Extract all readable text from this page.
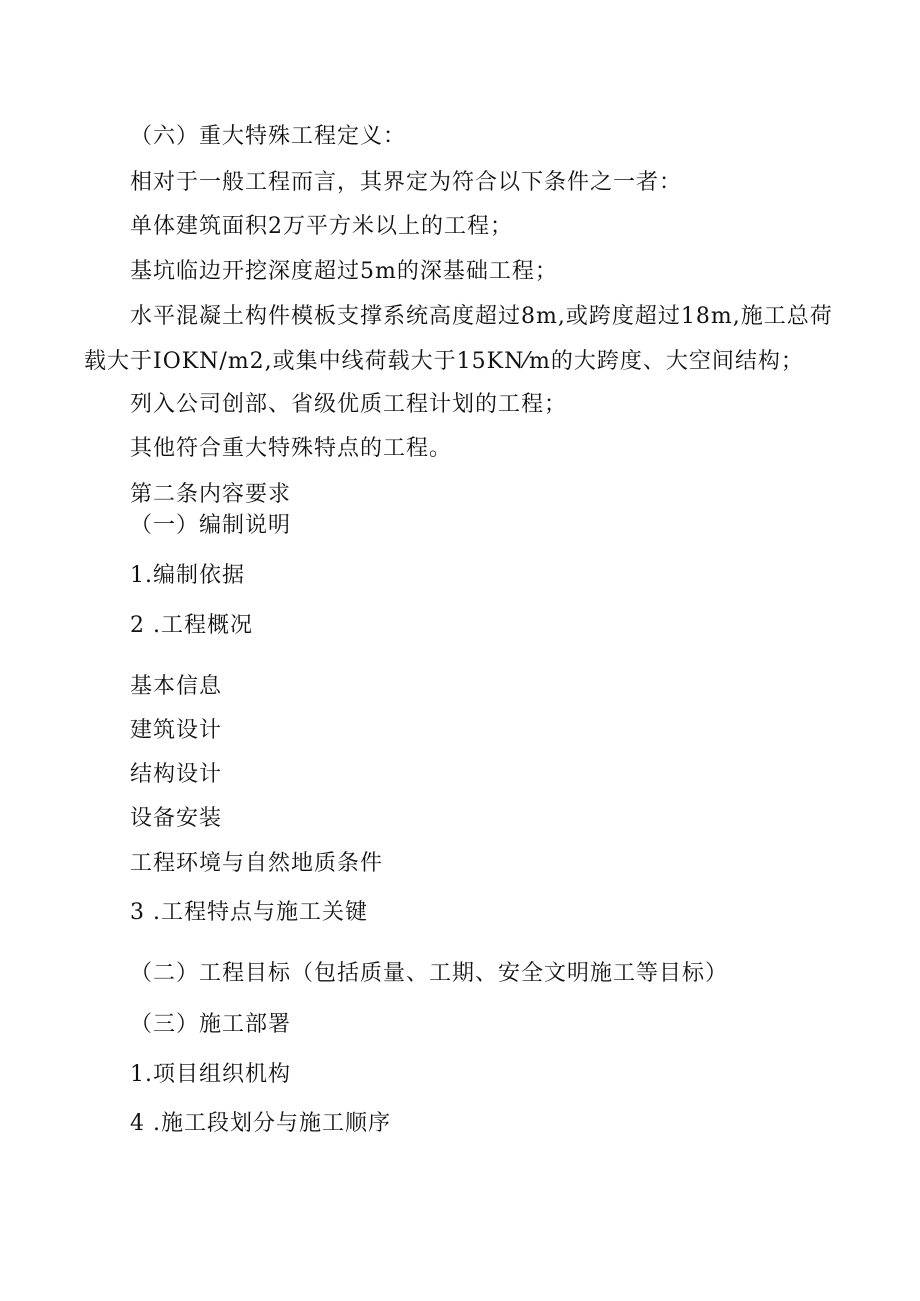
（六）重大特殊工程定义：
相对于一般工程而言，其界定为符合以下条件之一者：
单体建筑面积2万平方米以上的工程；
基坑临边开挖深度超过5m的深基础工程；
水平混凝土构件模板支撑系统高度超过8m,或跨度超过18m,施工总荷
载大于IOKN/m2,或集中线荷载大于15KN⁄m的大跨度、大空间结构；
列入公司创部、省级优质工程计划的工程；
其他符合重大特殊特点的工程。
第二条内容要求
（一）编制说明
1.编制依据
2 .工程概况
基本信息
建筑设计
结构设计
设备安装
工程环境与自然地质条件
3 .工程特点与施工关键
（二）工程目标（包括质量、工期、安全文明施工等目标）
（三）施工部署
1.项目组织机构
4 .施工段划分与施工顺序
